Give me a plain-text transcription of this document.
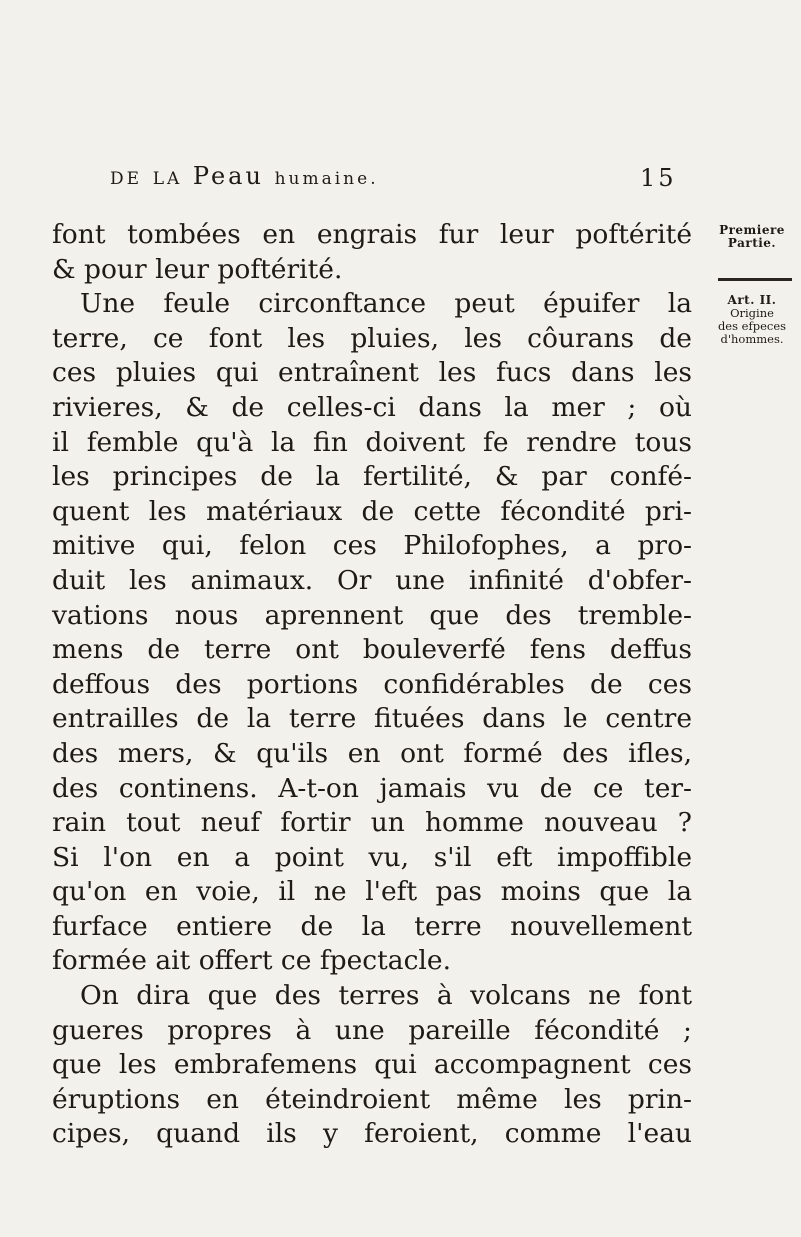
DE LA Peau humaine.	15
Premiere
Partie.
Art. II.
Origine
des efpeces
d'hommes.
font tombées en engrais fur leur poftérité
& pour leur poftérité.
Une feule circonftance peut épuifer la
terre, ce font les pluies, les côurans de
ces pluies qui entraînent les fucs dans les
rivieres, & de celles-ci dans la mer ; où
il femble qu'à la fin doivent fe rendre tous
les principes de la fertilité, & par confé-
quent les matériaux de cette fécondité pri-
mitive qui, felon ces Philofophes, a pro-
duit les animaux. Or une infinité d'obfer-
vations nous aprennent que des tremble-
mens de terre ont bouleverfé fens deffus
deffous des portions confidérables de ces
entrailles de la terre fituées dans le centre
des mers, & qu'ils en ont formé des ifles,
des continens. A-t-on jamais vu de ce ter-
rain tout neuf fortir un homme nouveau ?
Si l'on en a point vu, s'il eft impoffible
qu'on en voie, il ne l'eft pas moins que la
furface entiere de la terre nouvellement
formée ait offert ce fpectacle.
On dira que des terres à volcans ne font
gueres propres à une pareille fécondité ;
que les embrafemens qui accompagnent ces
éruptions en éteindroient même les prin-
cipes, quand ils y feroient, comme l'eau
